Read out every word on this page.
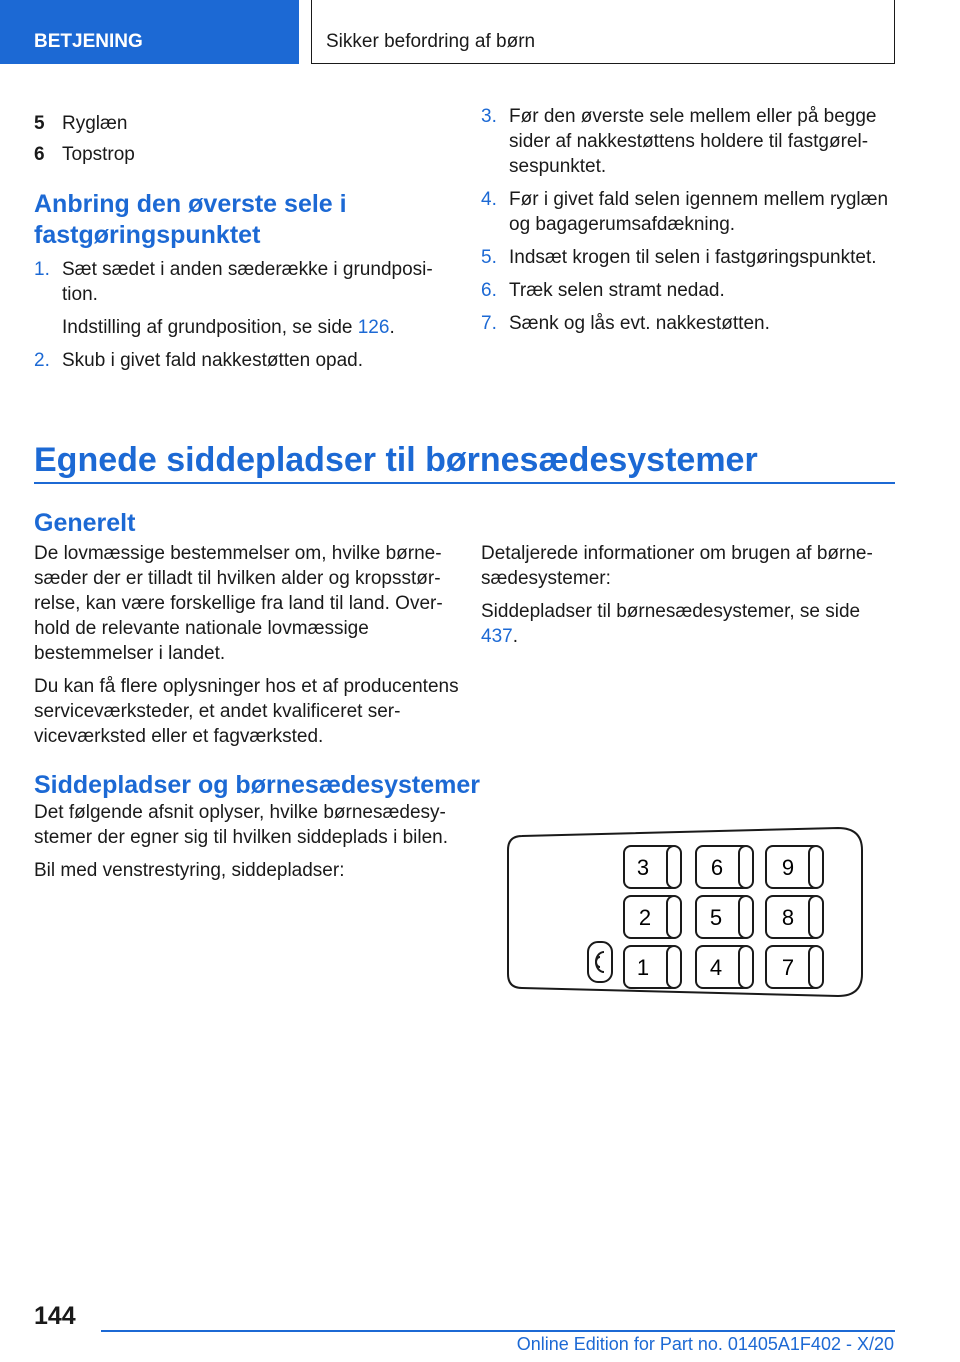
BETJENING	Sikker befordring af børn
5 Ryglæn
6 Topstrop
Anbring den øverste sele i fastgøringspunktet
1. Sæt sædet i anden sæderække i grundposition.

Indstilling af grundposition, se side 126.

2. Skub i givet fald nakkestøtten opad.

3. Før den øverste sele mellem eller på begge sider af nakkestøttens holdere til fastgørelsespunktet.

4. Før i givet fald selen igennem mellem ryglæn og bagagerumsafdækning.

5. Indsæt krogen til selen i fastgøringspunktet.

6. Træk selen stramt nedad.

7. Sænk og lås evt. nakkestøtten.

Egnede siddepladser til børnesædesystemer
Generelt

De lovmæssige bestemmelser om, hvilke børnesæder der er tilladt til hvilken alder og kropsstørrelse, kan være forskellige fra land til land. Overhold de relevante nationale lovmæssige bestemmelser i landet.

Du kan få flere oplysninger hos et af producentens serviceværksteder, et andet kvalificeret serviceværksted eller et fagværksted.

Detaljerede informationer om brugen af børnesædesystemer:

Siddepladser til børnesædesystemer, se side 437.

Siddepladser og børnesædesystemer

Det følgende afsnit oplyser, hvilke børnesædesystemer der egner sig til hvilken siddeplads i bilen.

Bil med venstrestyring, siddepladser:	3	6	9
2	5	8
1	4	7
144
Online Edition for Part no. 01405A1F402 - X/20
